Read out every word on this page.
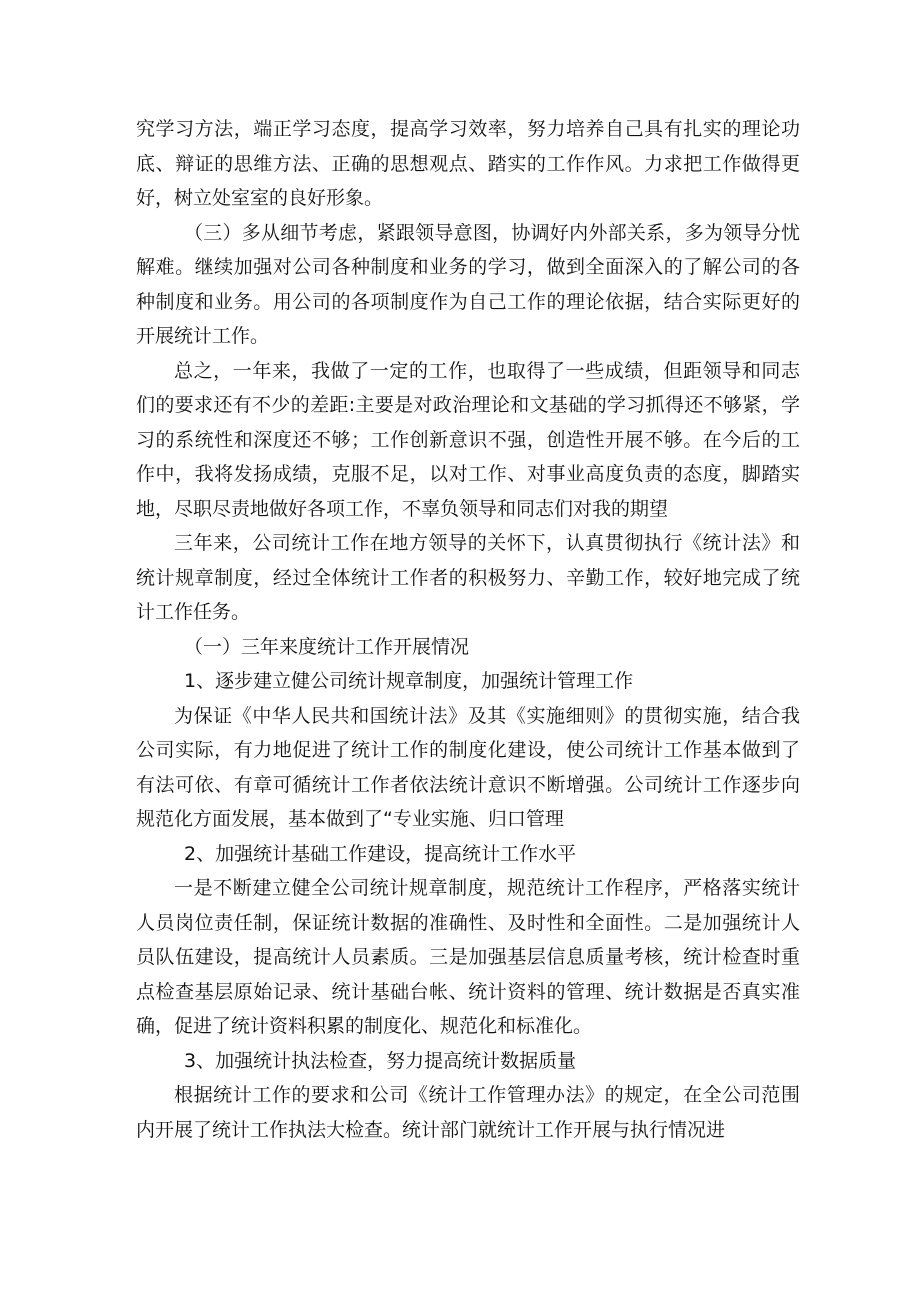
究学习方法，端正学习态度，提高学习效率，努力培养自己具有扎实的理论功底、辩证的思维方法、正确的思想观点、踏实的工作作风。力求把工作做得更好，树立处室室的良好形象。

（三）多从细节考虑，紧跟领导意图，协调好内外部关系，多为领导分忧解难。继续加强对公司各种制度和业务的学习，做到全面深入的了解公司的各种制度和业务。用公司的各项制度作为自己工作的理论依据，结合实际更好的开展统计工作。

总之，一年来，我做了一定的工作，也取得了一些成绩，但距领导和同志们的要求还有不少的差距:主要是对政治理论和文基础的学习抓得还不够紧，学习的系统性和深度还不够；工作创新意识不强，创造性开展不够。在今后的工作中，我将发扬成绩，克服不足，以对工作、对事业高度负责的态度，脚踏实地，尽职尽责地做好各项工作，不辜负领导和同志们对我的期望

三年来，公司统计工作在地方领导的关怀下，认真贯彻执行《统计法》和统计规章制度，经过全体统计工作者的积极努力、辛勤工作，较好地完成了统计工作任务。

（一）三年来度统计工作开展情况

1、逐步建立健公司统计规章制度，加强统计管理工作

为保证《中华人民共和国统计法》及其《实施细则》的贯彻实施，结合我公司实际，有力地促进了统计工作的制度化建设，使公司统计工作基本做到了有法可依、有章可循统计工作者依法统计意识不断增强。公司统计工作逐步向规范化方面发展，基本做到了“专业实施、归口管理

2、加强统计基础工作建设，提高统计工作水平

一是不断建立健全公司统计规章制度，规范统计工作程序，严格落实统计人员岗位责任制，保证统计数据的准确性、及时性和全面性。二是加强统计人员队伍建设，提高统计人员素质。三是加强基层信息质量考核，统计检查时重点检查基层原始记录、统计基础台帐、统计资料的管理、统计数据是否真实准确，促进了统计资料积累的制度化、规范化和标准化。

3、加强统计执法检查，努力提高统计数据质量

根据统计工作的要求和公司《统计工作管理办法》的规定，在全公司范围内开展了统计工作执法大检查。统计部门就统计工作开展与执行情况进
